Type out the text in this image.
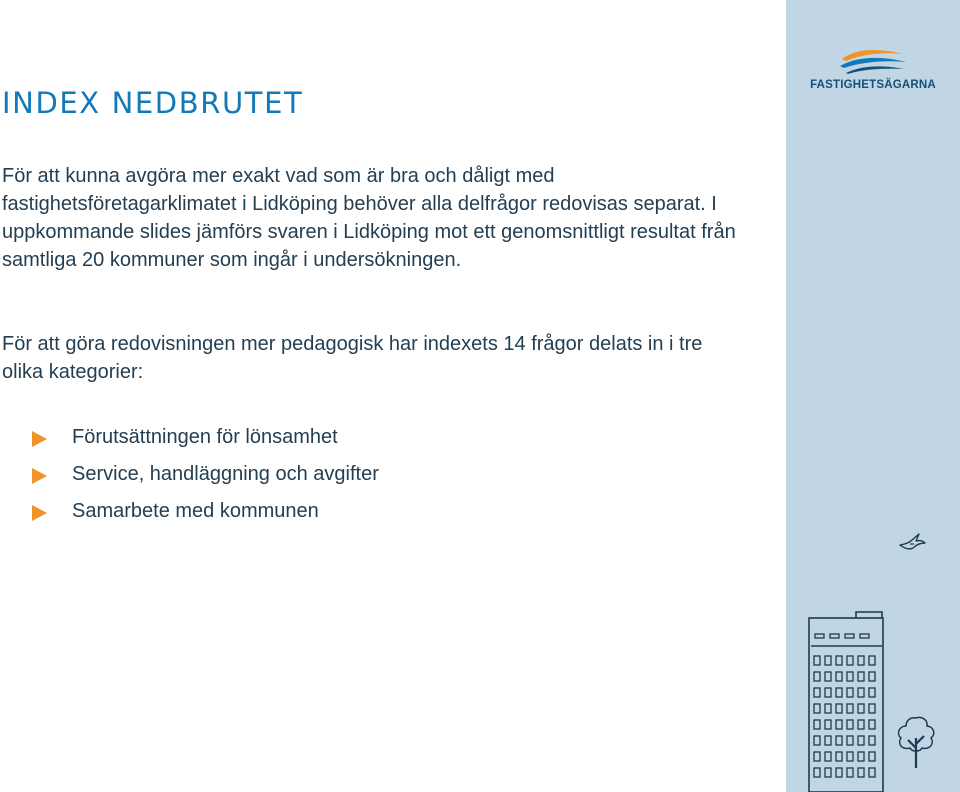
INDEX NEDBRUTET

För att kunna avgöra mer exakt vad som är bra och dåligt med fastighetsföretagarklimatet i Lidköping behöver alla delfrågor redovisas separat. I uppkommande slides jämförs svaren i Lidköping mot ett genomsnittligt resultat från samtliga 20 kommuner som ingår i undersökningen.

För att göra redovisningen mer pedagogisk har indexets 14 frågor delats in i tre olika kategorier:

Förutsättningen för lönsamhet
Service, handläggning och avgifter
Samarbete med kommunen
FASTIGHETSÄGARNA
